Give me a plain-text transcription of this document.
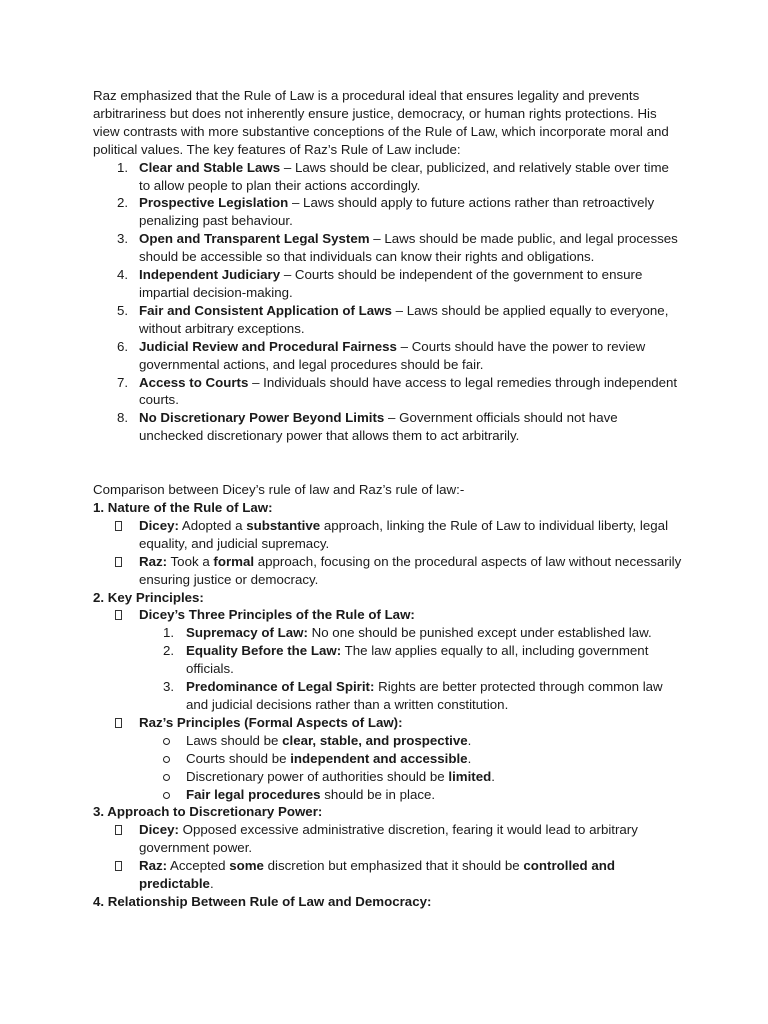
Raz emphasized that the Rule of Law is a procedural ideal that ensures legality and prevents arbitrariness but does not inherently ensure justice, democracy, or human rights protections. His view contrasts with more substantive conceptions of the Rule of Law, which incorporate moral and political values. The key features of Raz’s Rule of Law include:

1. Clear and Stable Laws – Laws should be clear, publicized, and relatively stable over time to allow people to plan their actions accordingly.
2. Prospective Legislation – Laws should apply to future actions rather than retroactively penalizing past behaviour.
3. Open and Transparent Legal System – Laws should be made public, and legal processes should be accessible so that individuals can know their rights and obligations.
4. Independent Judiciary – Courts should be independent of the government to ensure impartial decision-making.
5. Fair and Consistent Application of Laws – Laws should be applied equally to everyone, without arbitrary exceptions.
6. Judicial Review and Procedural Fairness – Courts should have the power to review governmental actions, and legal procedures should be fair.
7. Access to Courts – Individuals should have access to legal remedies through independent courts.
8. No Discretionary Power Beyond Limits – Government officials should not have unchecked discretionary power that allows them to act arbitrarily.

Comparison between Dicey’s rule of law and Raz’s rule of law:-

1. Nature of the Rule of Law:

Dicey: Adopted a substantive approach, linking the Rule of Law to individual liberty, legal equality, and judicial supremacy.
Raz: Took a formal approach, focusing on the procedural aspects of law without necessarily ensuring justice or democracy.

2. Key Principles:

Dicey’s Three Principles of the Rule of Law:
1. Supremacy of Law: No one should be punished except under established law.
2. Equality Before the Law: The law applies equally to all, including government officials.
3. Predominance of Legal Spirit: Rights are better protected through common law and judicial decisions rather than a written constitution.
Raz’s Principles (Formal Aspects of Law):
Laws should be clear, stable, and prospective.
Courts should be independent and accessible.
Discretionary power of authorities should be limited.
Fair legal procedures should be in place.

3. Approach to Discretionary Power:

Dicey: Opposed excessive administrative discretion, fearing it would lead to arbitrary government power.
Raz: Accepted some discretion but emphasized that it should be controlled and predictable.

4. Relationship Between Rule of Law and Democracy:
